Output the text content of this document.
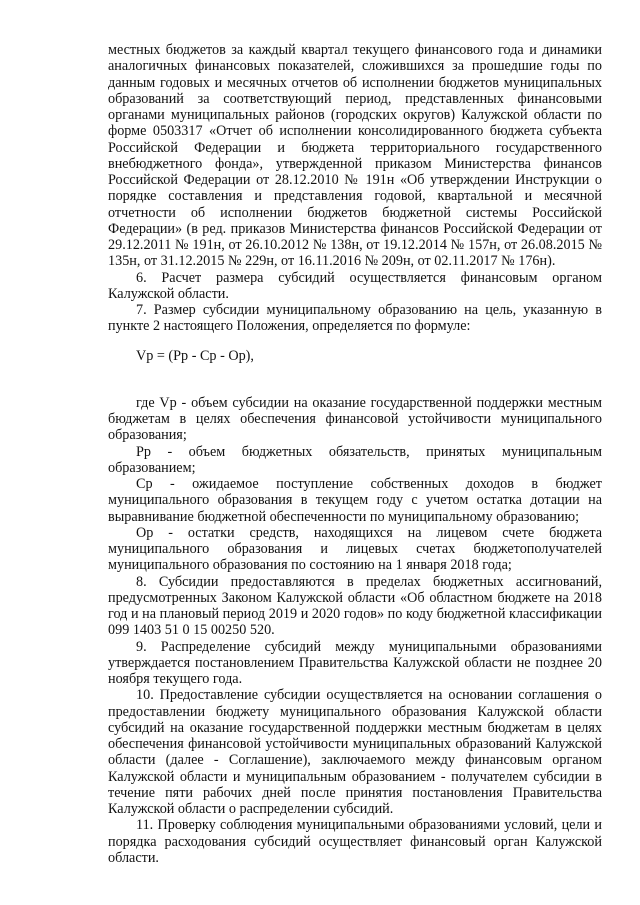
местных бюджетов за каждый квартал текущего финансового года и динамики аналогичных финансовых показателей, сложившихся за прошедшие годы по данным годовых и месячных отчетов об исполнении бюджетов муниципальных образований за соответствующий период, представленных финансовыми органами муниципальных районов (городских округов) Калужской области по форме 0503317 «Отчет об исполнении консолидированного бюджета субъекта Российской Федерации и бюджета территориального государственного внебюджетного фонда», утвержденной приказом Министерства финансов Российской Федерации от 28.12.2010 № 191н «Об утверждении Инструкции о порядке составления и представления годовой, квартальной и месячной отчетности об исполнении бюджетов бюджетной системы Российской Федерации» (в ред. приказов Министерства финансов Российской Федерации от 29.12.2011 № 191н, от 26.10.2012 № 138н, от 19.12.2014 № 157н, от 26.08.2015 № 135н, от 31.12.2015 № 229н, от 16.11.2016 № 209н, от 02.11.2017 № 176н).

6. Расчет размера субсидий осуществляется финансовым органом Калужской области.

7. Размер субсидии муниципальному образованию на цель, указанную в пункте 2 настоящего Положения, определяется по формуле:

Vр = (Рр - Ср - Ор),

где Vр - объем субсидии на оказание государственной поддержки местным бюджетам в целях обеспечения финансовой устойчивости муниципального образования;

Рр - объем бюджетных обязательств, принятых муниципальным образованием;

Ср - ожидаемое поступление собственных доходов в бюджет муниципального образования в текущем году с учетом остатка дотации на выравнивание бюджетной обеспеченности по муниципальному образованию;

Ор - остатки средств, находящихся на лицевом счете бюджета муниципального образования и лицевых счетах бюджетополучателей муниципального образования по состоянию на 1 января 2018 года;

8. Субсидии предоставляются в пределах бюджетных ассигнований, предусмотренных Законом Калужской области «Об областном бюджете на 2018 год и на плановый период 2019 и 2020 годов» по коду бюджетной классификации 099 1403 51 0 15 00250 520.

9. Распределение субсидий между муниципальными образованиями утверждается постановлением Правительства Калужской области не позднее 20 ноября текущего года.

10. Предоставление субсидии осуществляется на основании соглашения о предоставлении бюджету муниципального образования Калужской области субсидий на оказание государственной поддержки местным бюджетам в целях обеспечения финансовой устойчивости муниципальных образований Калужской области (далее - Соглашение), заключаемого между финансовым органом Калужской области и муниципальным образованием - получателем субсидии в течение пяти рабочих дней после принятия постановления Правительства Калужской области о распределении субсидий.

11. Проверку соблюдения муниципальными образованиями условий, цели и порядка расходования субсидий осуществляет финансовый орган Калужской области.
